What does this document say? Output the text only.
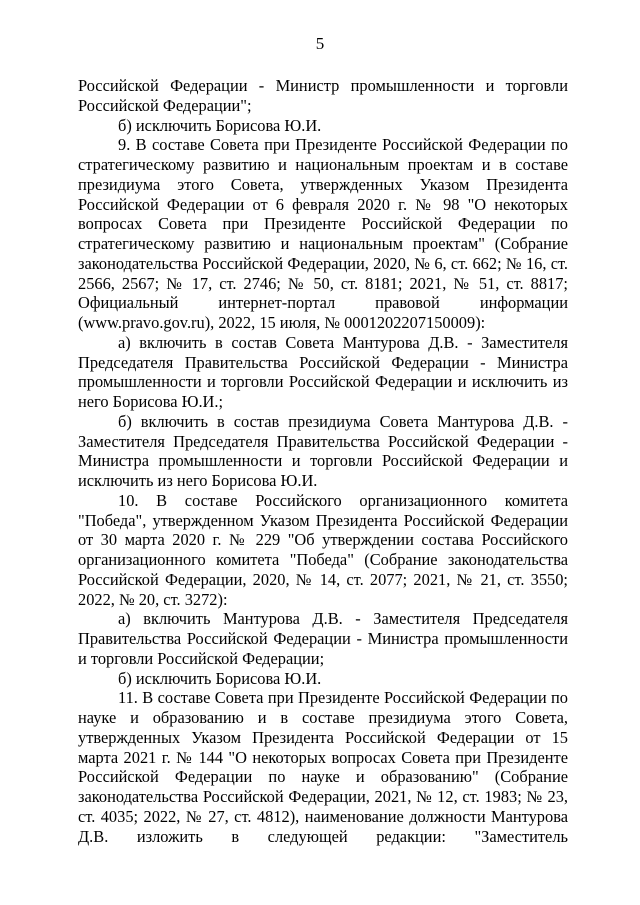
5

Российской Федерации - Министр промышленности и торговли Российской Федерации";

б) исключить Борисова Ю.И.

9. В составе Совета при Президенте Российской Федерации по стратегическому развитию и национальным проектам и в составе президиума этого Совета, утвержденных Указом Президента Российской Федерации от 6 февраля 2020 г. № 98 "О некоторых вопросах Совета при Президенте Российской Федерации по стратегическому развитию и национальным проектам" (Собрание законодательства Российской Федерации, 2020, № 6, ст. 662; № 16, ст. 2566, 2567; № 17, ст. 2746; № 50, ст. 8181; 2021, № 51, ст. 8817; Официальный интернет-портал правовой информации (www.pravo.gov.ru), 2022, 15 июля, № 0001202207150009):

а) включить в состав Совета Мантурова Д.В. - Заместителя Председателя Правительства Российской Федерации - Министра промышленности и торговли Российской Федерации и исключить из него Борисова Ю.И.;

б) включить в состав президиума Совета Мантурова Д.В. - Заместителя Председателя Правительства Российской Федерации - Министра промышленности и торговли Российской Федерации и исключить из него Борисова Ю.И.

10. В составе Российского организационного комитета "Победа", утвержденном Указом Президента Российской Федерации от 30 марта 2020 г. № 229 "Об утверждении состава Российского организационного комитета "Победа" (Собрание законодательства Российской Федерации, 2020, № 14, ст. 2077; 2021, № 21, ст. 3550; 2022, № 20, ст. 3272):

а) включить Мантурова Д.В. - Заместителя Председателя Правительства Российской Федерации - Министра промышленности и торговли Российской Федерации;

б) исключить Борисова Ю.И.

11. В составе Совета при Президенте Российской Федерации по науке и образованию и в составе президиума этого Совета, утвержденных Указом Президента Российской Федерации от 15 марта 2021 г. № 144 "О некоторых вопросах Совета при Президенте Российской Федерации по науке и образованию" (Собрание законодательства Российской Федерации, 2021, № 12, ст. 1983; № 23, ст. 4035; 2022, № 27, ст. 4812), наименование должности Мантурова Д.В. изложить в следующей редакции: "Заместитель
